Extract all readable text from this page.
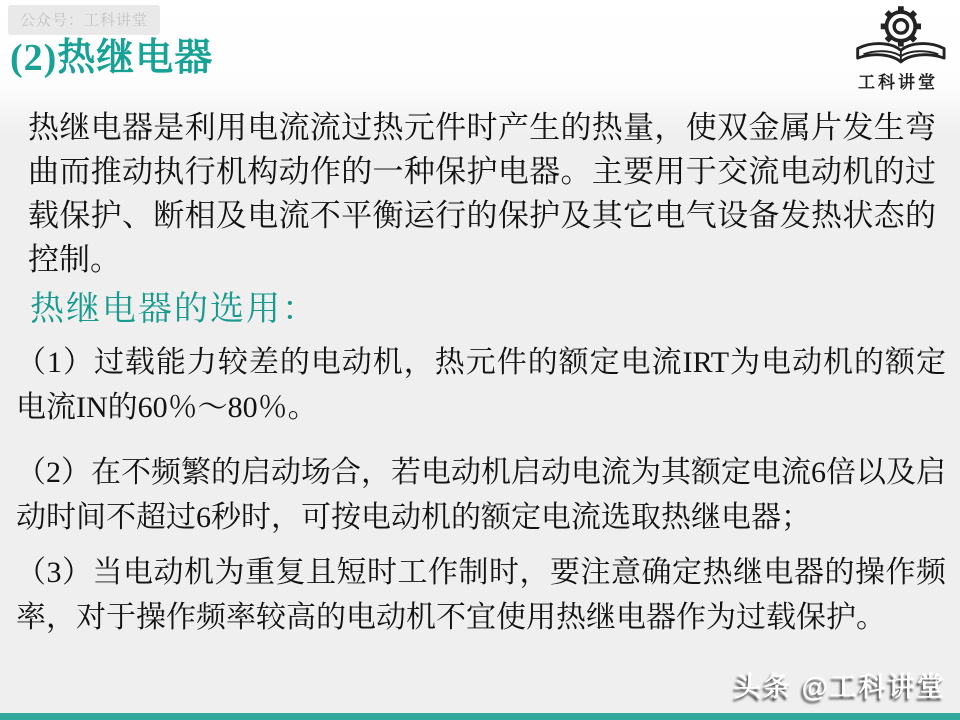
公众号：工科讲堂
(2)热继电器
工科讲堂
热继电器是利用电流流过热元件时产生的热量，使双金属片发生弯曲而推动执行机构动作的一种保护电器。主要用于交流电动机的过载保护、断相及电流不平衡运行的保护及其它电气设备发热状态的控制。
热继电器的选用：
（1）过载能力较差的电动机，热元件的额定电流IRT为电动机的额定电流IN的60％～80％。
（2）在不频繁的启动场合，若电动机启动电流为其额定电流6倍以及启动时间不超过6秒时，可按电动机的额定电流选取热继电器；
（3）当电动机为重复且短时工作制时，要注意确定热继电器的操作频率，对于操作频率较高的电动机不宜使用热继电器作为过载保护。
头条 @工科讲堂
